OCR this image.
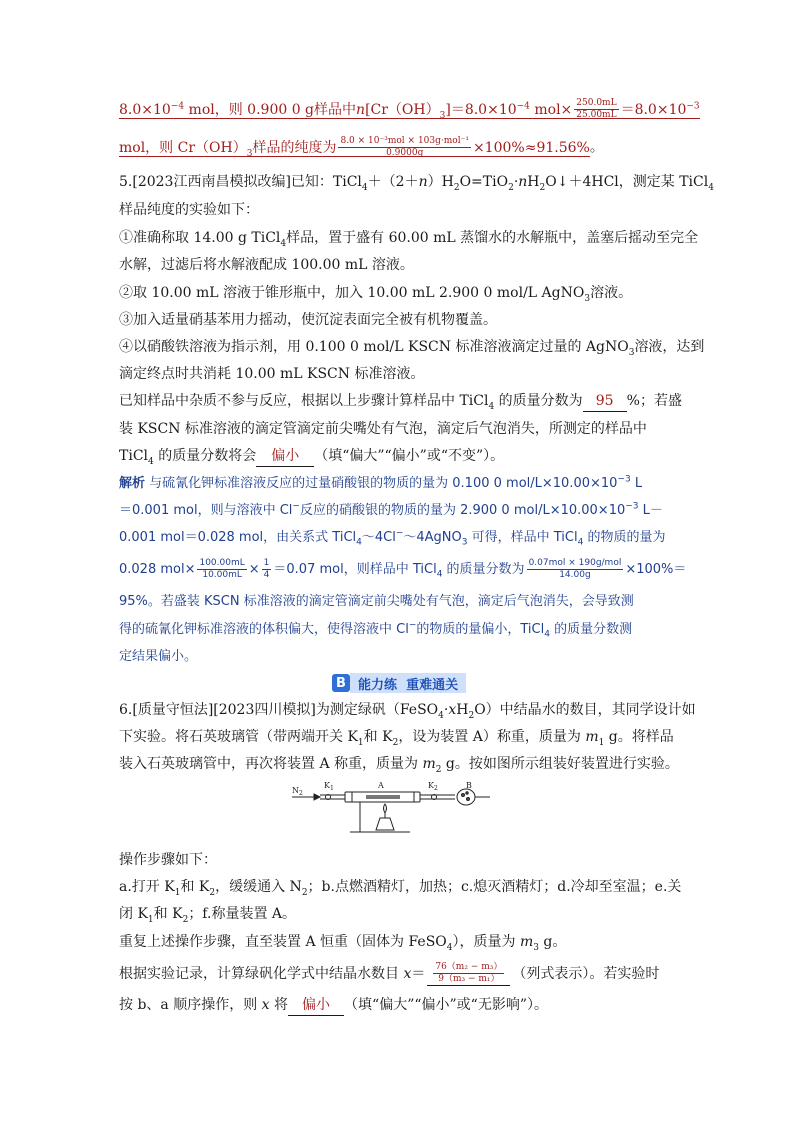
$8.0\times 10^{-4}$ mol，则 0.900 0 g样品中$n[Cr(OH)_3]=8.0\times 10^{-4}$ $mol\times \frac{250.0mL}{25.00mL} =8.0\times 10^{-3}$
mol，则 $Cr(OH)_3$样品的纯度为 $\frac{\text{8.0 × 10⁻³mol × 103g·mol⁻¹}}{0.9000g} \times 100\%\approx 91.56\%$。
5.[2023江西南昌模拟改编]已知：$TiCl_4+(2+n)H_2O=TiO_2\cdot nH_2O↓+4HCl$，测定某 TiCl$_4$
样品纯度的实验如下：
①准确称取 14.00 g TiCl$_4$样品，置于盛有 60.00 mL 蒸馏水的水解瓶中，盖塞后摇动至完全
水解，过滤后将水解液配成 100.00 mL 溶液。
②取 10.00 mL 溶液于锥形瓶中，加入 10.00 mL 2.900 0 mol/L AgNO$_3$溶液。
③加入适量硝基苯用力摇动，使沉淀表面完全被有机物覆盖。
④以硝酸铁溶液为指示剂，用 0.100 0 mol/L KSCN 标准溶液滴定过量的 AgNO$_3$溶液，达到
滴定终点时共消耗 10.00 mL KSCN 标准溶液。
已知样品中杂质不参与反应，根据以上步骤计算样品中 TiCl$_4$ 的质量分数为 95 %；若盛
装 KSCN 标准溶液的滴定管滴定前尖嘴处有气泡，滴定后气泡消失，所测定的样品中
TiCl$_4$ 的质量分数将会 偏小 （填“偏大”“偏小”或“不变”）。
解析 与硫氰化钾标准溶液反应的过量硝酸银的物质的量为 0.100 0 mol/$L\times 10.00\times 10^{-3}$ L
＝0.001 mol，则与溶液中 Cl−反应的硝酸银的物质的量为 2.900 0 mol/$L\times 10.00\times 10^{-3}$ L－
0.001 mol＝0.028 mol，由关系式 TiCl$_4$～4Cl−～4AgNO$_3$ 可得，样品中 TiCl$_4$ 的物质的量为
0.028 $mol\times \frac{100.00mL}{10.00mL} \times \frac{1}{4} =0.07$ mol，则样品中 TiCl$_4$ 的质量分数为 $\frac{\text{0.07mol × 190g/mol}}{14.00g} \times 100\%=$
95%。若盛装 KSCN 标准溶液的滴定管滴定前尖嘴处有气泡，滴定后气泡消失，会导致测
得的硫氰化钾标准溶液的体积偏大，使得溶液中 Cl−的物质的量偏小，TiCl$_4$ 的质量分数测
定结果偏小。
B 能力练
重难通关
6.[质量守恒法][2023四川模拟]为测定绿矾$(FeSO_4\cdot xH_2O)$中结晶水的数目，其同学设计如
下实验。将石英玻璃管（带两端开关 $K_1$和 $K_2$，设为装置 A）称重，质量为 $m_1$ g。将样品
装入石英玻璃管中，再次将装置 A 称重，质量为 $m_2$ g。按如图所示组装好装置进行实验。
$N_2$
$K_1$	A	$K_2$	B
操作步骤如下：
a.打开 $K_1$和 $K_2$，缓缓通入 $N_2$；b.点燃酒精灯，加热；c.熄灭酒精灯；d.冷却至室温；e.关
闭 $K_1$和 $K_2$；f.称量装置 A。
重复上述操作步骤，直至装置 A 恒重（固体为 FeSO$_4$），质量为 $m_3$ g。
根据实验记录，计算绿矾化学式中结晶水数目 $x= \frac{\text{76（m₂ − m₃）}}{\text{9（m₃ − m₁）}}$ （列式表示）。若实验时
按 b、a 顺序操作，则 x 将 偏小 （填“偏大”“偏小”或“无影响”）。
